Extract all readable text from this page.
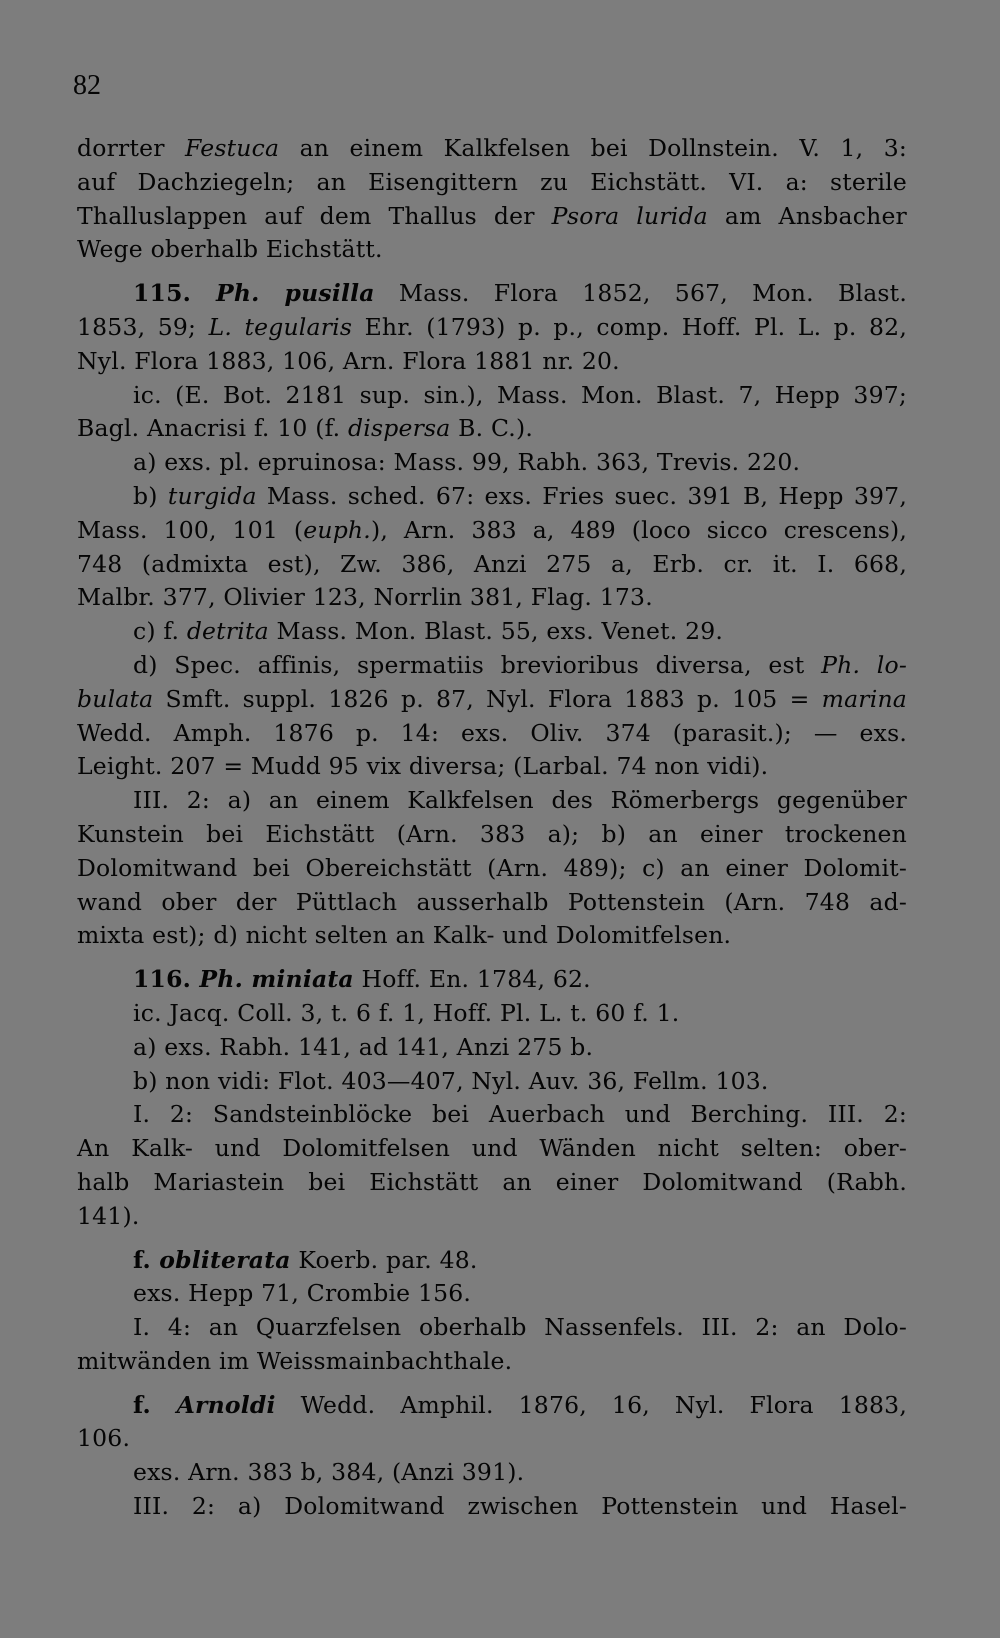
82
dorrter Festuca an einem Kalkfelsen bei Dollnstein. V. 1, 3:
auf Dachziegeln; an Eisengittern zu Eichstätt. VI. a: sterile
Thalluslappen auf dem Thallus der Psora lurida am Ansbacher
Wege oberhalb Eichstätt.
115. Ph. pusilla Mass. Flora 1852, 567, Mon. Blast.
1853, 59; L. tegularis Ehr. (1793) p. p., comp. Hoff. Pl. L. p. 82,
Nyl. Flora 1883, 106, Arn. Flora 1881 nr. 20.
ic. (E. Bot. 2181 sup. sin.), Mass. Mon. Blast. 7, Hepp 397;
Bagl. Anacrisi f. 10 (f. dispersa B. C.).
a) exs. pl. epruinosa: Mass. 99, Rabh. 363, Trevis. 220.
b) turgida Mass. sched. 67: exs. Fries suec. 391 B, Hepp 397,
Mass. 100, 101 (euph.), Arn. 383 a, 489 (loco sicco crescens),
748 (admixta est), Zw. 386, Anzi 275 a, Erb. cr. it. I. 668,
Malbr. 377, Olivier 123, Norrlin 381, Flag. 173.
c) f. detrita Mass. Mon. Blast. 55, exs. Venet. 29.
d) Spec. affinis, spermatiis brevioribus diversa, est Ph. lo-
bulata Smft. suppl. 1826 p. 87, Nyl. Flora 1883 p. 105 = marina
Wedd. Amph. 1876 p. 14: exs. Oliv. 374 (parasit.); — exs.
Leight. 207 = Mudd 95 vix diversa; (Larbal. 74 non vidi).
III. 2: a) an einem Kalkfelsen des Römerbergs gegenüber
Kunstein bei Eichstätt (Arn. 383 a); b) an einer trockenen
Dolomitwand bei Obereichstätt (Arn. 489); c) an einer Dolomit-
wand ober der Püttlach ausserhalb Pottenstein (Arn. 748 ad-
mixta est); d) nicht selten an Kalk- und Dolomitfelsen.
116. Ph. miniata Hoff. En. 1784, 62.
ic. Jacq. Coll. 3, t. 6 f. 1, Hoff. Pl. L. t. 60 f. 1.
a) exs. Rabh. 141, ad 141, Anzi 275 b.
b) non vidi: Flot. 403—407, Nyl. Auv. 36, Fellm. 103.
I. 2: Sandsteinblöcke bei Auerbach und Berching. III. 2:
An Kalk- und Dolomitfelsen und Wänden nicht selten: ober-
halb Mariastein bei Eichstätt an einer Dolomitwand (Rabh.
141).
f. obliterata Koerb. par. 48.
exs. Hepp 71, Crombie 156.
I. 4: an Quarzfelsen oberhalb Nassenfels. III. 2: an Dolo-
mitwänden im Weissmainbachthale.
f. Arnoldi Wedd. Amphil. 1876, 16, Nyl. Flora 1883,
106.
exs. Arn. 383 b, 384, (Anzi 391).
III. 2: a) Dolomitwand zwischen Pottenstein und Hasel-
